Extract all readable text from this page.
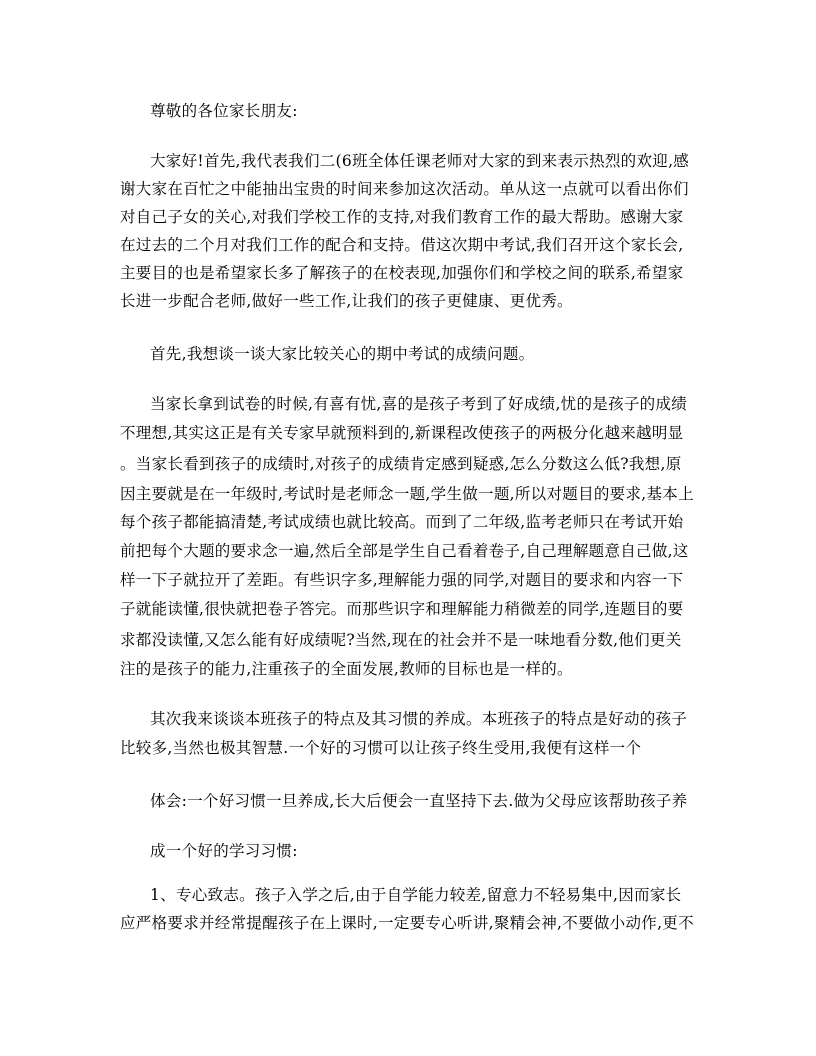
尊敬的各位家长朋友:
大家好!首先,我代表我们二(6班全体任课老师对大家的到来表示热烈的欢迎,感
谢大家在百忙之中能抽出宝贵的时间来参加这次活动。单从这一点就可以看出你们
对自己子女的关心,对我们学校工作的支持,对我们教育工作的最大帮助。感谢大家
在过去的二个月对我们工作的配合和支持。借这次期中考试,我们召开这个家长会,
主要目的也是希望家长多了解孩子的在校表现,加强你们和学校之间的联系,希望家
长进一步配合老师,做好一些工作,让我们的孩子更健康、更优秀。
首先,我想谈一谈大家比较关心的期中考试的成绩问题。
当家长拿到试卷的时候,有喜有忧,喜的是孩子考到了好成绩,忧的是孩子的成绩
不理想,其实这正是有关专家早就预料到的,新课程改使孩子的两极分化越来越明显
。当家长看到孩子的成绩时,对孩子的成绩肯定感到疑惑,怎么分数这么低?我想,原
因主要就是在一年级时,考试时是老师念一题,学生做一题,所以对题目的要求,基本上
每个孩子都能搞清楚,考试成绩也就比较高。而到了二年级,监考老师只在考试开始
前把每个大题的要求念一遍,然后全部是学生自己看着卷子,自己理解题意自己做,这
样一下子就拉开了差距。有些识字多,理解能力强的同学,对题目的要求和内容一下
子就能读懂,很快就把卷子答完。而那些识字和理解能力稍微差的同学,连题目的要
求都没读懂,又怎么能有好成绩呢?当然,现在的社会并不是一味地看分数,他们更关
注的是孩子的能力,注重孩子的全面发展,教师的目标也是一样的。
其次我来谈谈本班孩子的特点及其习惯的养成。本班孩子的特点是好动的孩子
比较多,当然也极其智慧.一个好的习惯可以让孩子终生受用,我便有这样一个
体会:一个好习惯一旦养成,长大后便会一直坚持下去.做为父母应该帮助孩子养
成一个好的学习习惯:
1、专心致志。孩子入学之后,由于自学能力较差,留意力不轻易集中,因而家长
应严格要求并经常提醒孩子在上课时,一定要专心听讲,聚精会神,不要做小动作,更不
